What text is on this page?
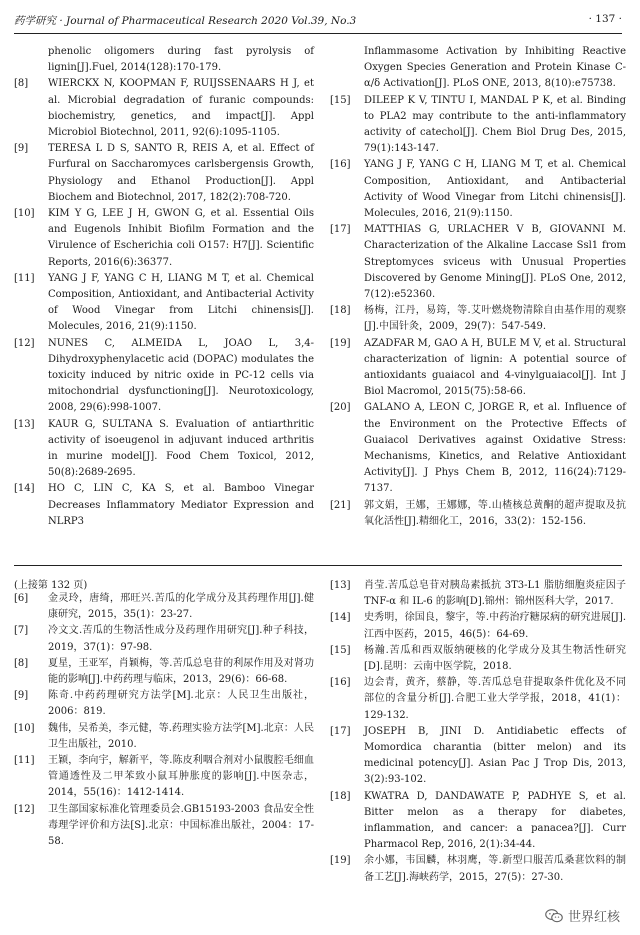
药学研究 · Journal of Pharmaceutical Research 2020 Vol.39, No.3	· 137 ·
phenolic oligomers during fast pyrolysis of lignin[J].Fuel, 2014(128):170-179.
[8]	WIERCKX N, KOOPMAN F, RUIJSSENAARS H J, et al. Microbial degradation of furanic compounds: biochemistry, genetics, and impact[J]. Appl Microbiol Biotechnol, 2011, 92(6):1095-1105.
[9]	TERESA L D S, SANTO R, REIS A, et al. Effect of Furfural on Saccharomyces carlsbergensis Growth, Physiology and Ethanol Production[J]. Appl Biochem and Biotechnol, 2017, 182(2):708-720.
[10]	KIM Y G, LEE J H, GWON G, et al. Essential Oils and Eugenols Inhibit Biofilm Formation and the Virulence of Escherichia coli O157: H7[J]. Scientific Reports, 2016(6):36377.
[11]	YANG J F, YANG C H, LIANG M T, et al. Chemical Composition, Antioxidant, and Antibacterial Activity of Wood Vinegar from Litchi chinensis[J]. Molecules, 2016, 21(9):1150.
[12]	NUNES C, ALMEIDA L, JOAO L, 3,4-Dihydroxyphenylacetic acid (DOPAC) modulates the toxicity induced by nitric oxide in PC-12 cells via mitochondrial dysfunctioning[J]. Neurotoxicology, 2008, 29(6):998-1007.
[13]	KAUR G, SULTANA S. Evaluation of antiarthritic activity of isoeugenol in adjuvant induced arthritis in murine model[J]. Food Chem Toxicol, 2012, 50(8):2689-2695.
[14]	HO C, LIN C, KA S, et al. Bamboo Vinegar Decreases Inflammatory Mediator Expression and NLRP3
Inflammasome Activation by Inhibiting Reactive Oxygen Species Generation and Protein Kinase C-α/δ Activation[J]. PLoS ONE, 2013, 8(10):e75738.
[15]	DILEEP K V, TINTU I, MANDAL P K, et al. Binding to PLA2 may contribute to the anti-inflammatory activity of catechol[J]. Chem Biol Drug Des, 2015, 79(1):143-147.
[16]	YANG J F, YANG C H, LIANG M T, et al. Chemical Composition, Antioxidant, and Antibacterial Activity of Wood Vinegar from Litchi chinensis[J]. Molecules, 2016, 21(9):1150.
[17]	MATTHIAS G, URLACHER V B, GIOVANNI M. Characterization of the Alkaline Laccase Ssl1 from Streptomyces sviceus with Unusual Properties Discovered by Genome Mining[J]. PLoS One, 2012, 7(12):e52360.
[18]	杨梅，江丹，易筠，等.艾叶燃烧物清除自由基作用的观察[J].中国针灸，2009，29(7)：547-549.
[19]	AZADFAR M, GAO A H, BULE M V, et al. Structural characterization of lignin: A potential source of antioxidants guaiacol and 4-vinylguaiacol[J]. Int J Biol Macromol, 2015(75):58-66.
[20]	GALANO A, LEON C, JORGE R, et al. Influence of the Environment on the Protective Effects of Guaiacol Derivatives against Oxidative Stress: Mechanisms, Kinetics, and Relative Antioxidant Activity[J]. J Phys Chem B, 2012, 116(24):7129-7137.
[21]	郭文娟，王娜，王娜娜，等.山楂核总黄酮的超声提取及抗氧化活性[J].精细化工，2016，33(2)：152-156.
(上接第 132 页)
[6]	金灵玲，唐绮，邢旺兴.苦瓜的化学成分及其药理作用[J].健康研究，2015，35(1)：23-27.
[7]	冷文文.苦瓜的生物活性成分及药理作用研究[J].种子科技，2019，37(1)：97-98.
[8]	夏星，王亚军，肖颖梅，等.苦瓜总皂苷的利尿作用及对肾功能的影响[J].中药药理与临床，2013，29(6)：66-68.
[9]	陈奇.中药药理研究方法学[M].北京：人民卫生出版社，2006：819.
[10]	魏伟，吴希美，李元健，等.药理实验方法学[M].北京：人民卫生出版社，2010.
[11]	王颖，李向宇，解新平，等.陈皮利咽合剂对小鼠腹腔毛细血管通透性及二甲苯致小鼠耳肿胀度的影响[J].中医杂志，2014，55(16)：1412-1414.
[12]	卫生部国家标准化管理委员会.GB15193-2003 食品安全性毒理学评价和方法[S].北京：中国标准出版社，2004：17-58.
[13]	肖莹.苦瓜总皂苷对胰岛素抵抗 3T3-L1 脂肪细胞炎症因子 TNF-α 和 IL-6 的影响[D].锦州：锦州医科大学，2017.
[14]	史秀明，徐国良，黎宇，等.中药治疗糖尿病的研究进展[J].江西中医药，2015，46(5)：64-69.
[15]	杨瀚.苦瓜和西双版纳硬核的化学成分及其生物活性研究[D].昆明：云南中医学院，2018.
[16]	边会青，黄齐，蔡静，等.苦瓜总皂苷提取条件优化及不同部位的含量分析[J].合肥工业大学学报，2018，41(1)：129-132.
[17]	JOSEPH B, JINI D. Antidiabetic effects of Momordica charantia (bitter melon) and its medicinal potency[J]. Asian Pac J Trop Dis, 2013, 3(2):93-102.
[18]	KWATRA D, DANDAWATE P, PADHYE S, et al. Bitter melon as a therapy for diabetes, inflammation, and cancer: a panacea?[J]. Curr Pharmacol Rep, 2016, 2(1):34-44.
[19]	余小娜，韦国麟，林羽鹰，等.新型口服苦瓜桑葚饮料的制备工艺[J].海峡药学，2015，27(5)：27-30.
世界红核
